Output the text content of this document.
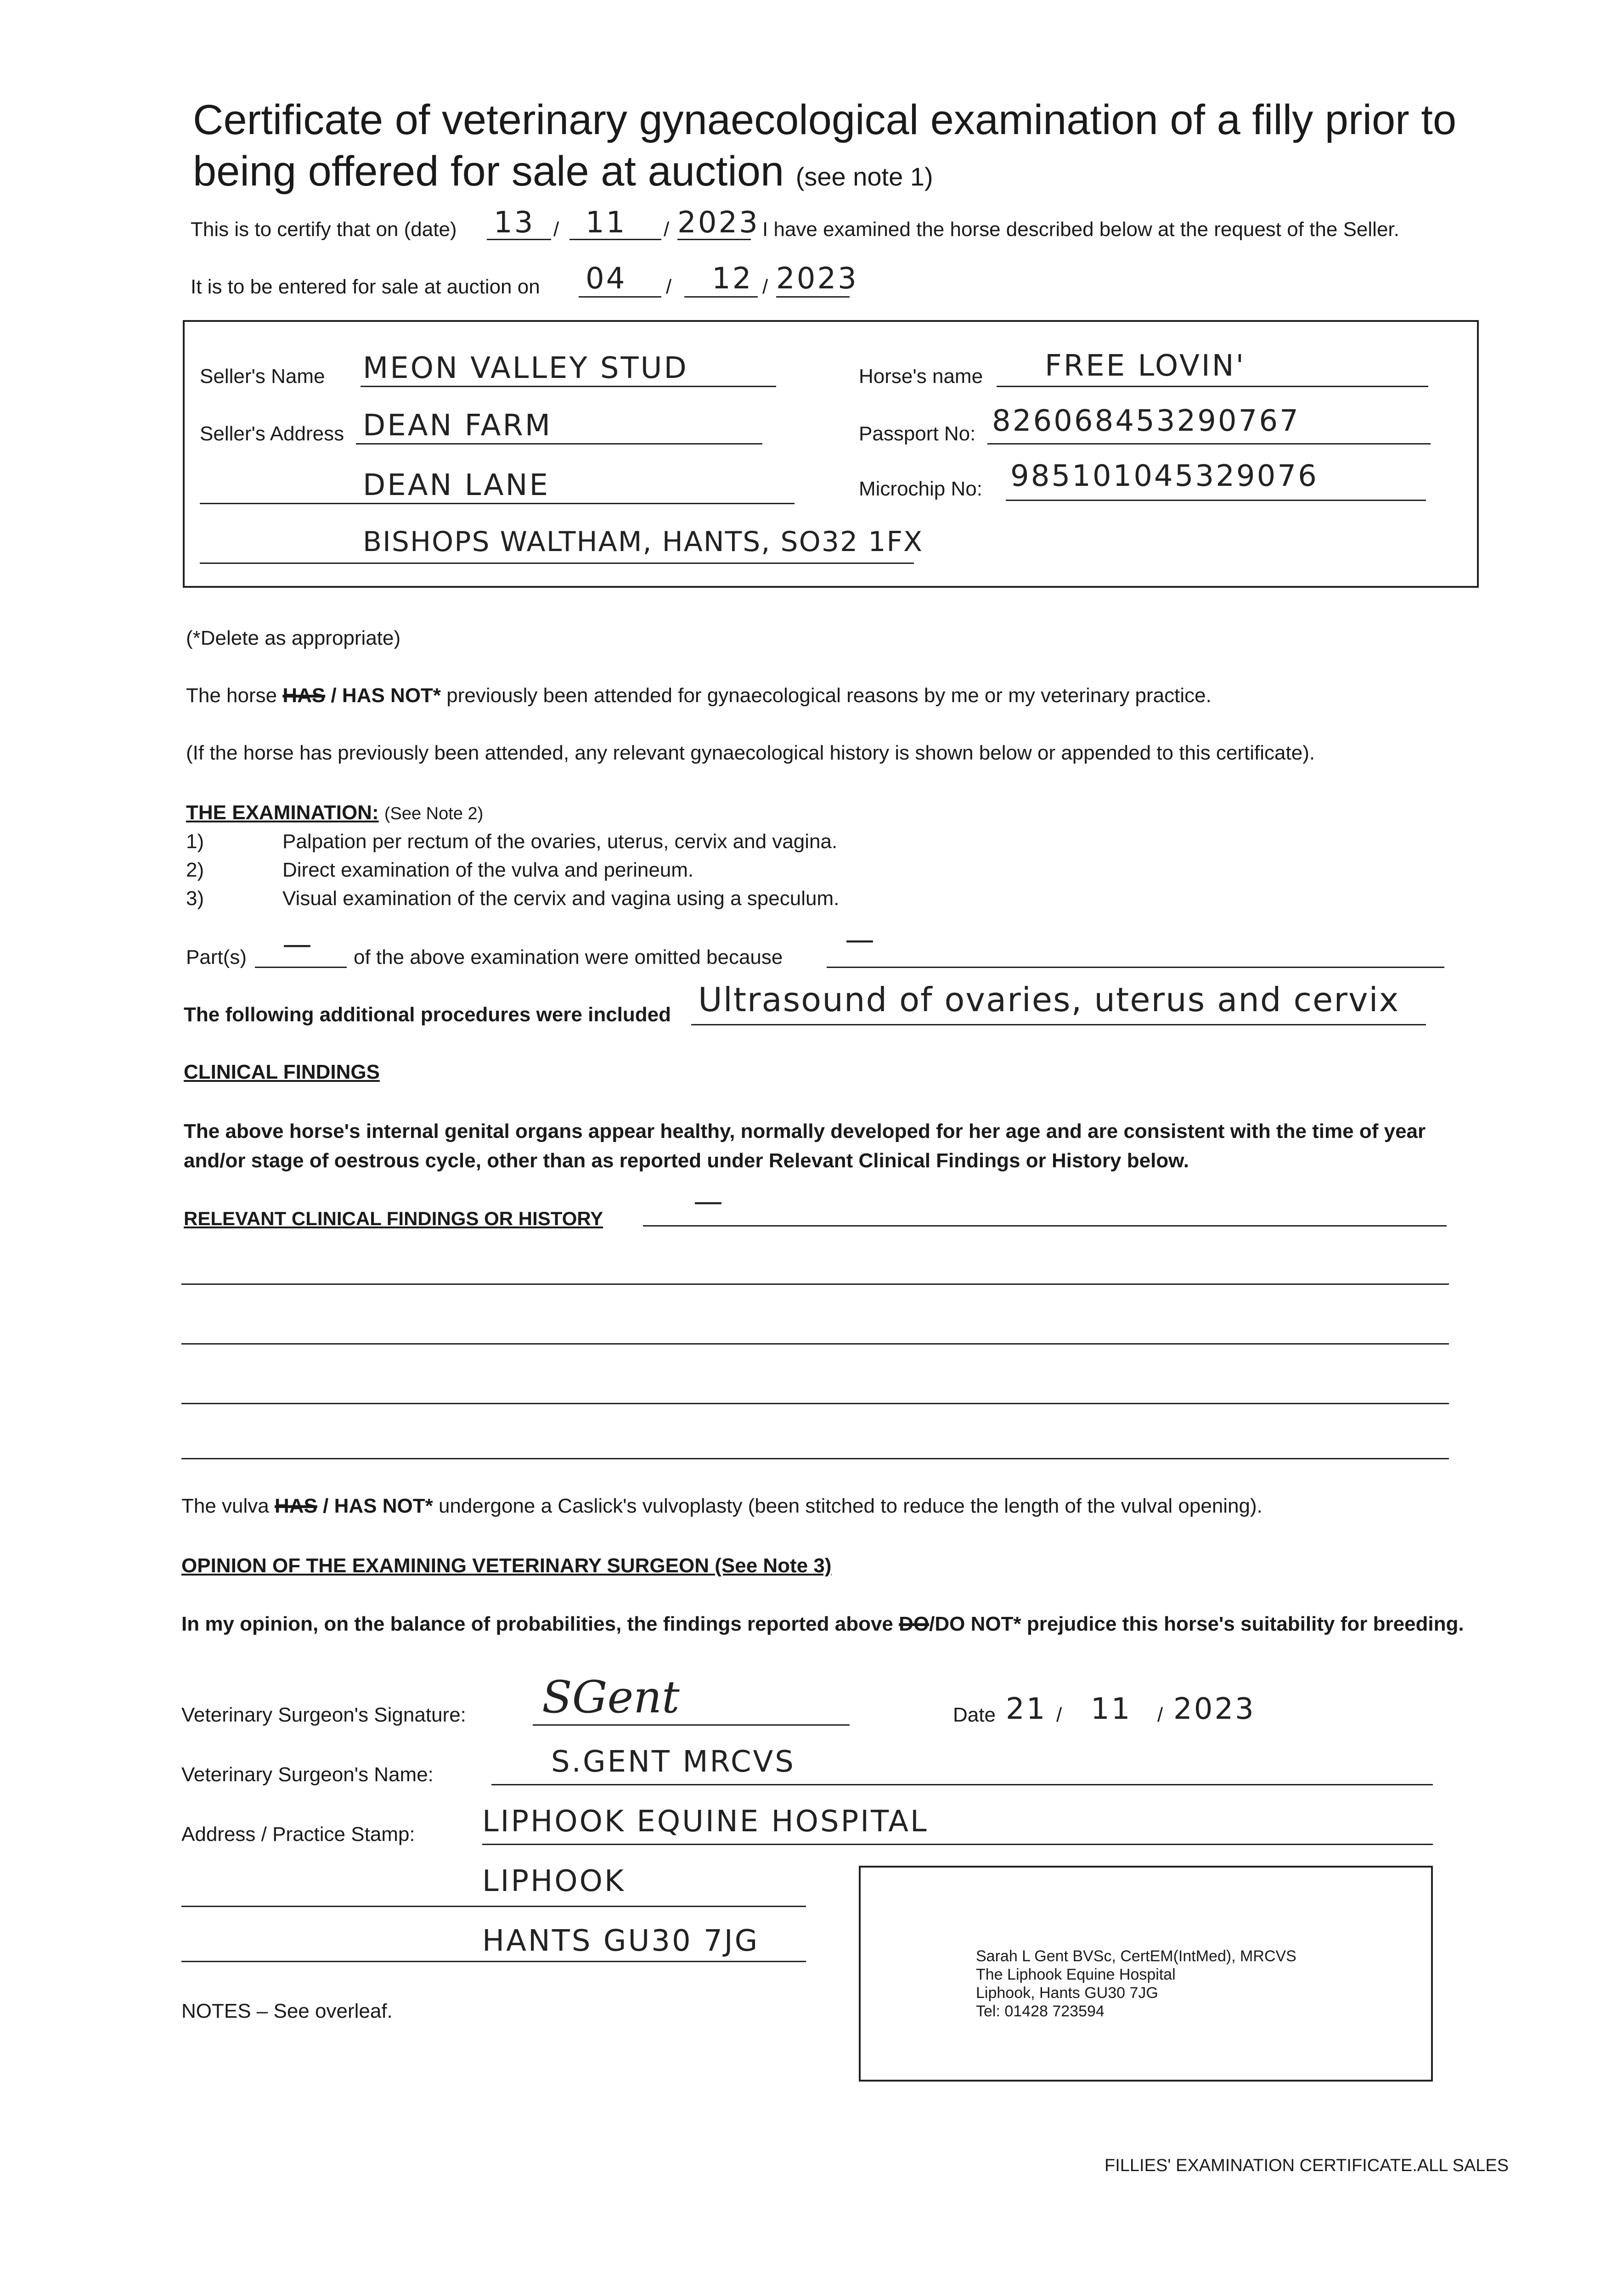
Certificate of veterinary gynaecological examination of a filly prior to being offered for sale at auction (see note 1)
This is to certify that on (date) 13 / 11 / 2023 I have examined the horse described below at the request of the Seller.
It is to be entered for sale at auction on 04 / 12 / 2023
Seller's Name MEON VALLEY STUD
Seller's Address DEAN FARM
DEAN LANE
BISHOPS WALTHAM, HANTS, SO32 1FX
Horse's name FREE LOVIN'
Passport No: 826068453290767
Microchip No: 985101045329076
(*Delete as appropriate)
The horse HAS / HAS NOT* previously been attended for gynaecological reasons by me or my veterinary practice.
(If the horse has previously been attended, any relevant gynaecological history is shown below or appended to this certificate).
THE EXAMINATION: (See Note 2)
1)	Palpation per rectum of the ovaries, uterus, cervix and vagina.
2)	Direct examination of the vulva and perineum.
3)	Visual examination of the cervix and vagina using a speculum.
Part(s) — of the above examination were omitted because
—
The following additional procedures were included Ultrasound of ovaries, uterus and cervix
CLINICAL FINDINGS
The above horse's internal genital organs appear healthy, normally developed for her age and are consistent with the time of year and/or stage of oestrous cycle, other than as reported under Relevant Clinical Findings or History below.
RELEVANT CLINICAL FINDINGS OR HISTORY	—
The vulva HAS / HAS NOT* undergone a Caslick's vulvoplasty (been stitched to reduce the length of the vulval opening).
OPINION OF THE EXAMINING VETERINARY SURGEON (See Note 3)
In my opinion, on the balance of probabilities, the findings reported above DO/DO NOT* prejudice this horse's suitability for breeding.
Veterinary Surgeon's Signature: SGent	Date 21 / 11 / 2023
Veterinary Surgeon's Name:	S.GENT MRCVS
Address / Practice Stamp: LIPHOOK EQUINE HOSPITAL
LIPHOOK
HANTS GU30 7JG	Sarah L Gent BVSc, CertEM(IntMed), MRCVS
The Liphook Equine Hospital
Liphook, Hants GU30 7JG
Tel: 01428 723594
NOTES – See overleaf.
FILLIES' EXAMINATION CERTIFICATE.ALL SALES
